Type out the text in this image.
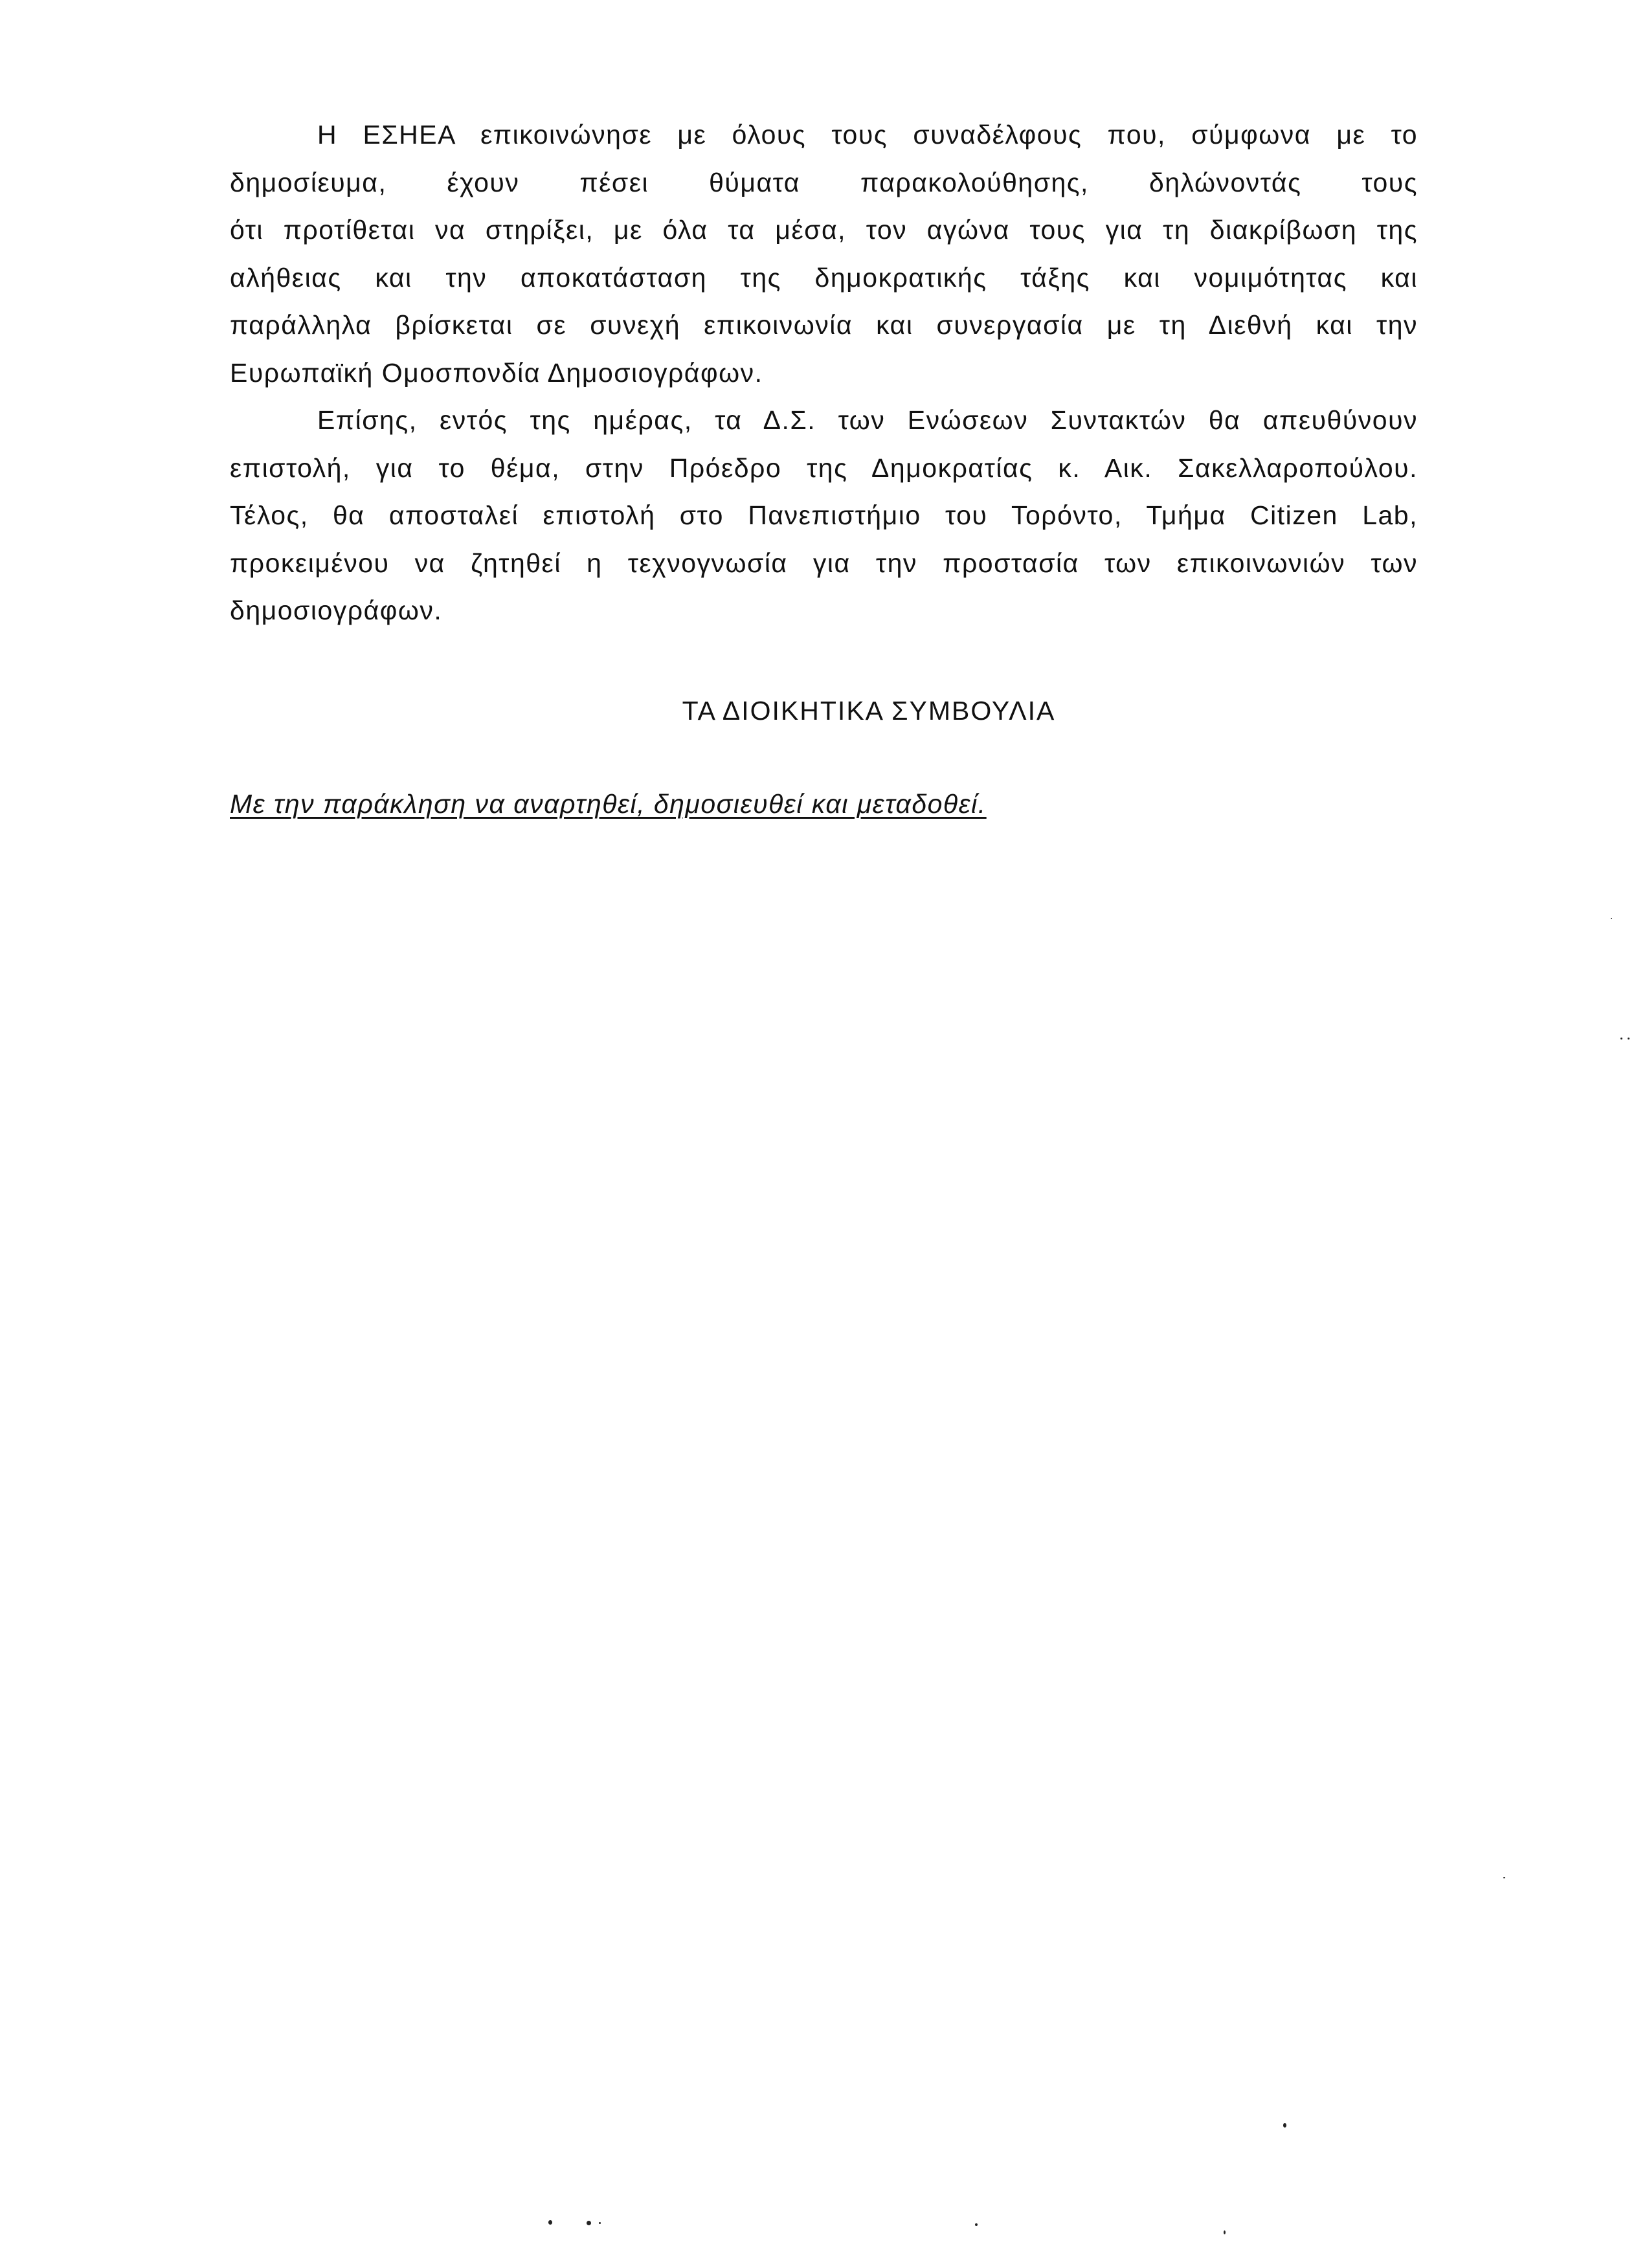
Η ΕΣΗΕΑ επικοινώνησε με όλους τους συναδέλφους που, σύμφωνα με το
δημοσίευμα, έχουν πέσει θύματα παρακολούθησης, δηλώνοντάς τους
ότι προτίθεται να στηρίξει, με όλα τα μέσα, τον αγώνα τους για τη διακρίβωση της
αλήθειας και την αποκατάσταση της δημοκρατικής τάξης και νομιμότητας και
παράλληλα βρίσκεται σε συνεχή επικοινωνία και συνεργασία με τη Διεθνή και την
Ευρωπαϊκή Ομοσπονδία Δημοσιογράφων.
Επίσης, εντός της ημέρας, τα Δ.Σ. των Ενώσεων Συντακτών θα απευθύνουν
επιστολή, για το θέμα, στην Πρόεδρο της Δημοκρατίας κ. Αικ. Σακελλαροπούλου.
Τέλος, θα αποσταλεί επιστολή στο Πανεπιστήμιο του Τορόντο, Τμήμα Citizen Lab,
προκειμένου να ζητηθεί η τεχνογνωσία για την προστασία των επικοινωνιών των
δημοσιογράφων.
ΤΑ ΔΙΟΙΚΗΤΙΚΑ ΣΥΜΒΟΥΛΙΑ
Με την παράκληση να αναρτηθεί, δημοσιευθεί και μεταδοθεί.
